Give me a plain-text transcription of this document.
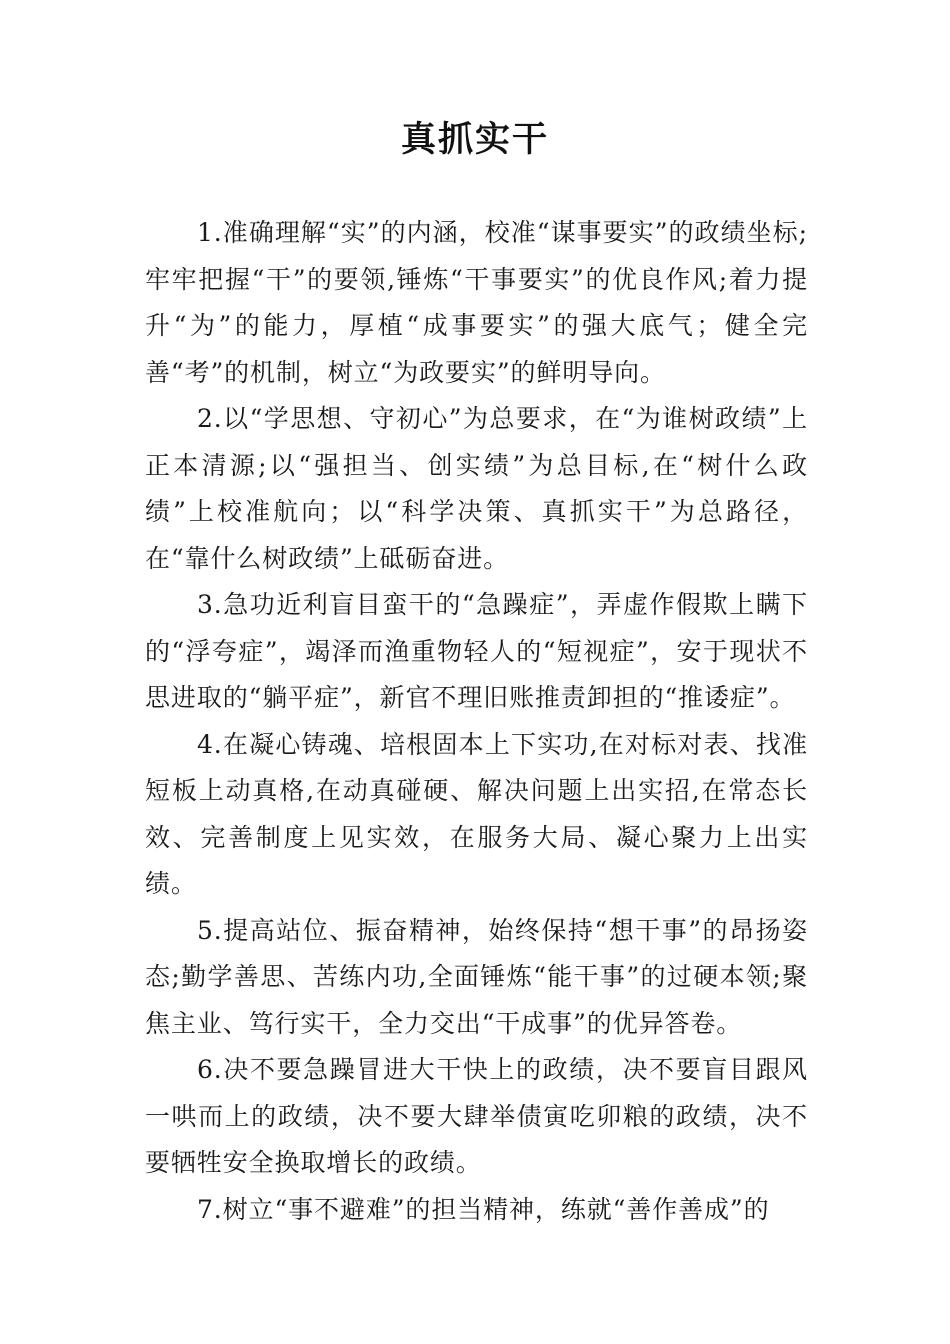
真抓实干

1.准确理解“实”的内涵，校准“谋事要实”的政绩坐标;牢牢把握“干”的要领,锤炼“干事要实”的优良作风;着力提升“为”的能力，厚植“成事要实”的强大底气；健全完善“考”的机制，树立“为政要实”的鲜明导向。

2.以“学思想、守初心”为总要求，在“为谁树政绩”上正本清源;以“强担当、创实绩”为总目标,在“树什么政绩”上校准航向；以“科学决策、真抓实干”为总路径，在“靠什么树政绩”上砥砺奋进。

3.急功近利盲目蛮干的“急躁症”，弄虚作假欺上瞒下的“浮夸症”，竭泽而渔重物轻人的“短视症”，安于现状不思进取的“躺平症”，新官不理旧账推责卸担的“推诿症”。

4.在凝心铸魂、培根固本上下实功,在对标对表、找准短板上动真格,在动真碰硬、解决问题上出实招,在常态长效、完善制度上见实效，在服务大局、凝心聚力上出实绩。

5.提高站位、振奋精神，始终保持“想干事”的昂扬姿态;勤学善思、苦练内功,全面锤炼“能干事”的过硬本领;聚焦主业、笃行实干，全力交出“干成事”的优异答卷。

6.决不要急躁冒进大干快上的政绩，决不要盲目跟风一哄而上的政绩，决不要大肆举债寅吃卯粮的政绩，决不要牺牲安全换取增长的政绩。

7.树立“事不避难”的担当精神，练就“善作善成”的
